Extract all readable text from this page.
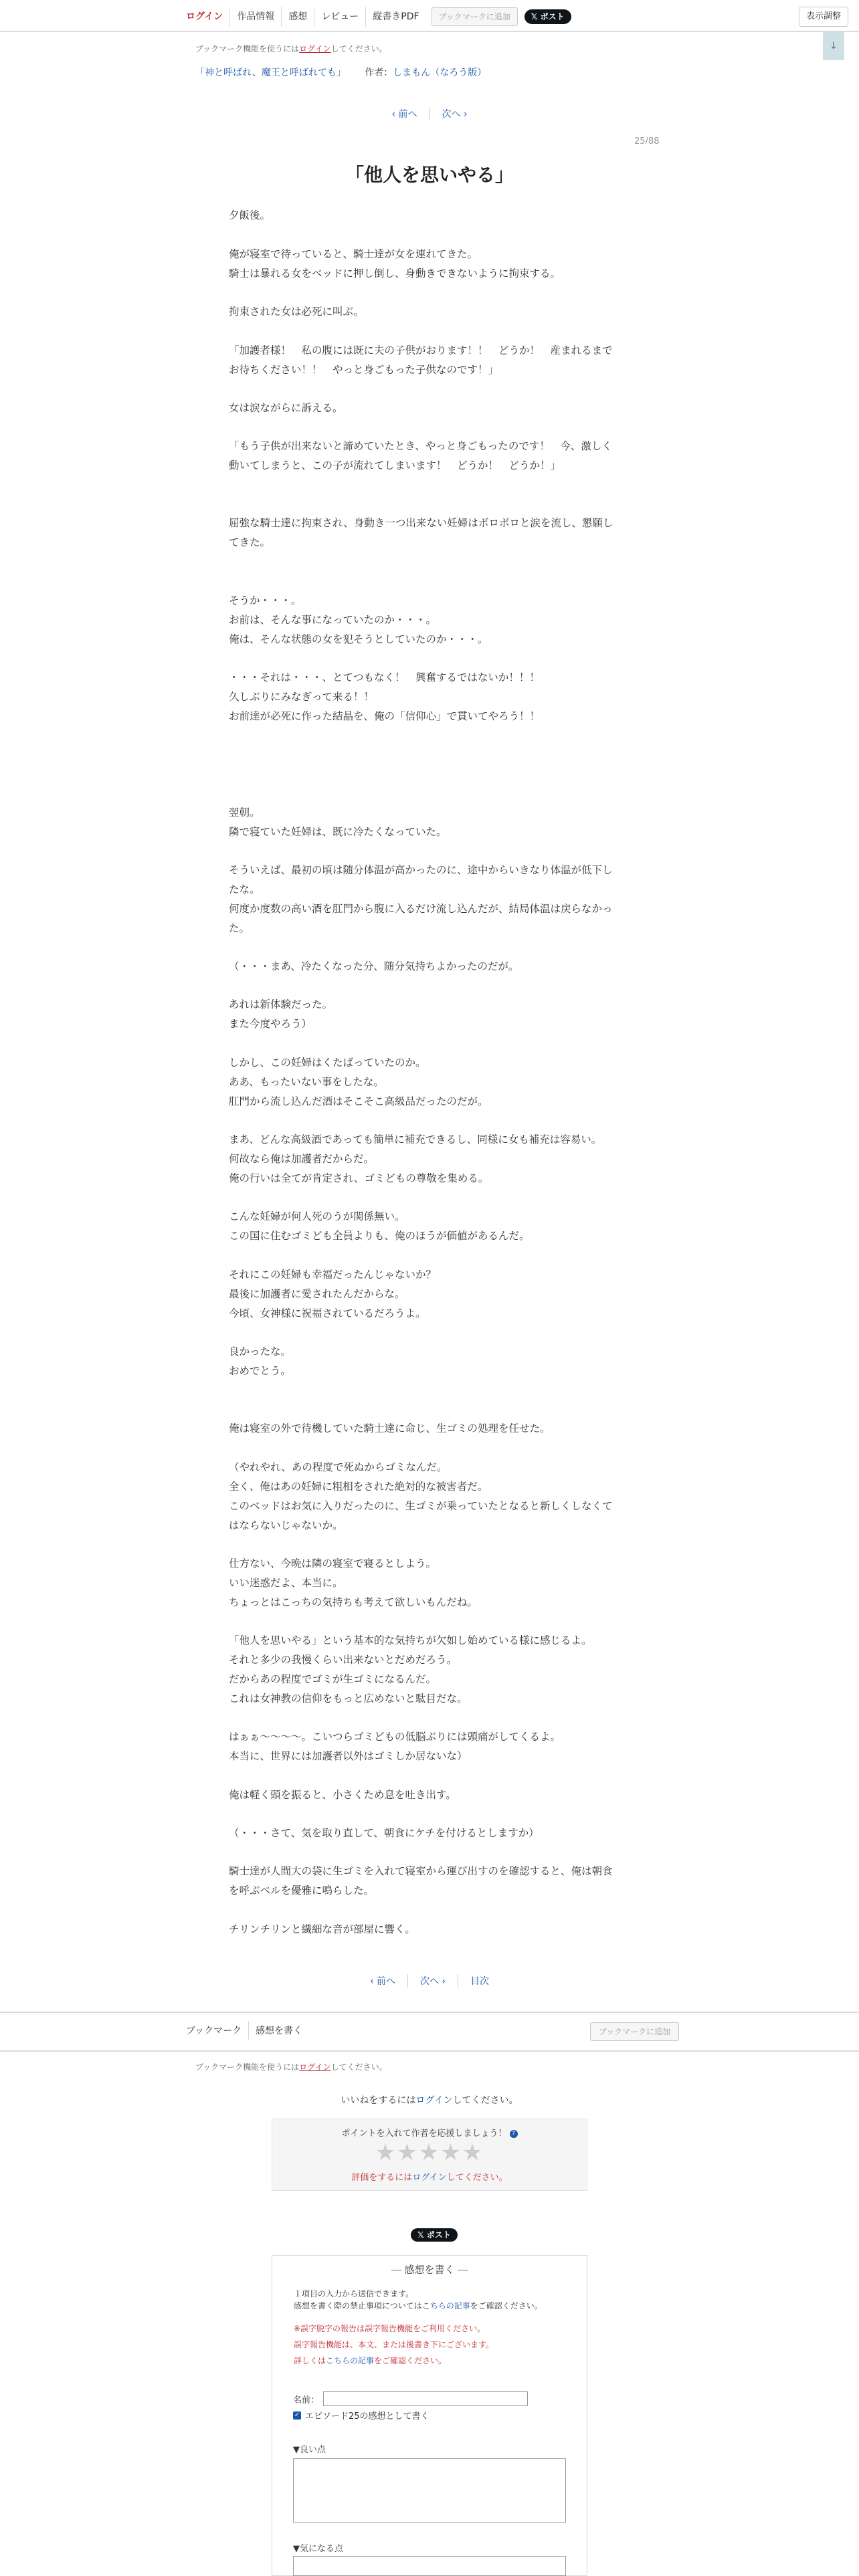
ログイン	作品情報	感想	レビュー	縦書きPDF	ブックマークに追加	𝕏 ポスト	表示調整
ブックマーク機能を使うにはログインしてください。	↓
「神と呼ばれ、魔王と呼ばれても」 作者：しまもん（なろう版）
‹ 前へ	次へ ›
25/88
「他人を思いやる」

夕飯後。

俺が寝室で待っていると、騎士達が女を連れてきた。

騎士は暴れる女をベッドに押し倒し、身動きできないように拘束する。

拘束された女は必死に叫ぶ。

「加護者様！　私の腹には既に夫の子供がおります！！　どうか！　産まれるまで

お待ちください！！　やっと身ごもった子供なのです！」

女は涙ながらに訴える。

「もう子供が出来ないと諦めていたとき、やっと身ごもったのです！　今、激しく

動いてしまうと、この子が流れてしまいます！　どうか！　どうか！」

屈強な騎士達に拘束され、身動き一つ出来ない妊婦はボロボロと涙を流し、懇願し

てきた。

そうか・・・。

お前は、そんな事になっていたのか・・・。

俺は、そんな状態の女を犯そうとしていたのか・・・。

・・・それは・・・、とてつもなく！　興奮するではないか！！！

久しぶりにみなぎって来る！！

お前達が必死に作った結晶を、俺の「信仰心」で貫いてやろう！！

翌朝。

隣で寝ていた妊婦は、既に冷たくなっていた。

そういえば、最初の頃は随分体温が高かったのに、途中からいきなり体温が低下し

たな。

何度か度数の高い酒を肛門から腹に入るだけ流し込んだが、結局体温は戻らなかっ

た。

（・・・まあ、冷たくなった分、随分気持ちよかったのだが。

あれは新体験だった。

また今度やろう）

しかし、この妊婦はくたばっていたのか。

ああ、もったいない事をしたな。

肛門から流し込んだ酒はそこそこ高級品だったのだが。

まあ、どんな高級酒であっても簡単に補充できるし、同様に女も補充は容易い。

何故なら俺は加護者だからだ。

俺の行いは全てが肯定され、ゴミどもの尊敬を集める。

こんな妊婦が何人死のうが関係無い。

この国に住むゴミども全員よりも、俺のほうが価値があるんだ。

それにこの妊婦も幸福だったんじゃないか？

最後に加護者に愛されたんだからな。

今頃、女神様に祝福されているだろうよ。

良かったな。

おめでとう。

俺は寝室の外で待機していた騎士達に命じ、生ゴミの処理を任せた。

（やれやれ、あの程度で死ぬからゴミなんだ。

全く、俺はあの妊婦に粗相をされた絶対的な被害者だ。

このベッドはお気に入りだったのに、生ゴミが乗っていたとなると新しくしなくて

はならないじゃないか。

仕方ない、今晩は隣の寝室で寝るとしよう。

いい迷惑だよ、本当に。

ちょっとはこっちの気持ちも考えて欲しいもんだね。

「他人を思いやる」という基本的な気持ちが欠如し始めている様に感じるよ。

それと多少の我慢くらい出来ないとだめだろう。

だからあの程度でゴミが生ゴミになるんだ。

これは女神教の信仰をもっと広めないと駄目だな。

はぁぁ～～～～。こいつらゴミどもの低脳ぶりには頭痛がしてくるよ。

本当に、世界には加護者以外はゴミしか居ないな）

俺は軽く頭を振ると、小さくため息を吐き出す。

（・・・さて、気を取り直して、朝食にケチを付けるとしますか）

騎士達が人間大の袋に生ゴミを入れて寝室から運び出すのを確認すると、俺は朝食

を呼ぶベルを優雅に鳴らした。

チリンチリンと繊細な音が部屋に響く。

‹ 前へ	次へ ›	目次
ブックマーク	感想を書く	ブックマークに追加
ブックマーク機能を使うにはログインしてください。
いいねをするにはログインしてください。
ポイントを入れて作者を応援しましょう！ ?
★★★★★
評価をするにはログインしてください。
𝕏 ポスト
― 感想を書く ―
１項目の入力から送信できます。
感想を書く際の禁止事項についてはこちらの記事をご確認ください。
※誤字脱字の報告は誤字報告機能をご利用ください。
誤字報告機能は、本文、または後書き下にございます。
詳しくはこちらの記事をご確認ください。
名前：
✓ エピソード25の感想として書く
▼良い点
▼気になる点
